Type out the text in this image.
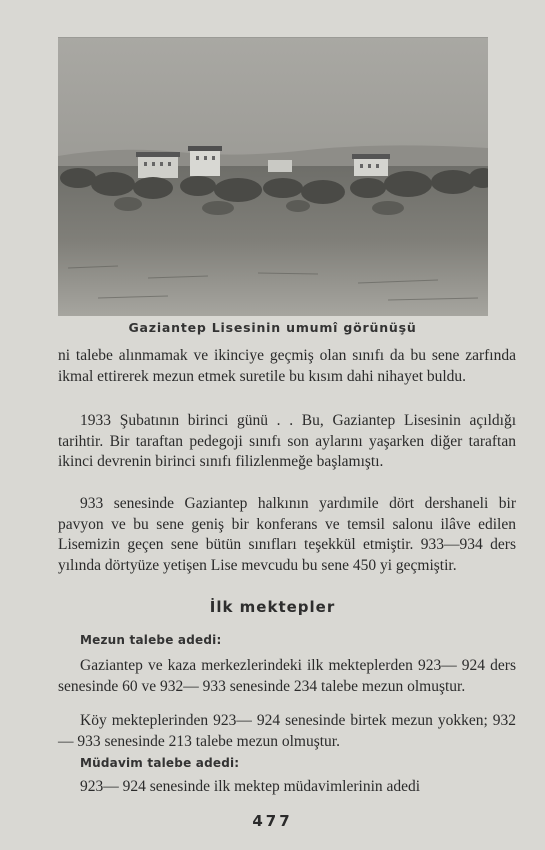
Gaziantep Lisesinin umumî görünüşü

ni talebe alınmamak ve ikinciye geçmiş olan sınıfı da bu sene zarfında ikmal ettirerek mezun etmek suretile bu kısım dahi nihayet buldu.

1933 Şubatının birinci günü . . Bu, Gaziantep Lisesinin açıldığı tarihtir. Bir taraftan pedegoji sınıfı son aylarını yaşarken diğer taraftan ikinci devrenin birinci sınıfı filizlenmeğe başlamıştı.

933 senesinde Gaziantep halkının yardımile dört dershaneli bir pavyon ve bu sene geniş bir konferans ve temsil salonu ilâve edilen Lisemizin geçen sene bütün sınıfları teşekkül etmiştir. 933—934 ders yılında dörtyüze yetişen Lise mevcudu bu sene 450 yi geçmiştir.

İlk mektepler
Mezun talebe adedi:

Gaziantep ve kaza merkezlerindeki ilk mekteplerden 923— 924 ders senesinde 60 ve 932— 933 senesinde 234 talebe mezun olmuştur.

Köy mekteplerinden 923— 924 senesinde birtek mezun yokken; 932— 933 senesinde 213 talebe mezun olmuştur.

Müdavim talebe adedi:

923— 924 senesinde ilk mektep müdavimlerinin adedi

477
